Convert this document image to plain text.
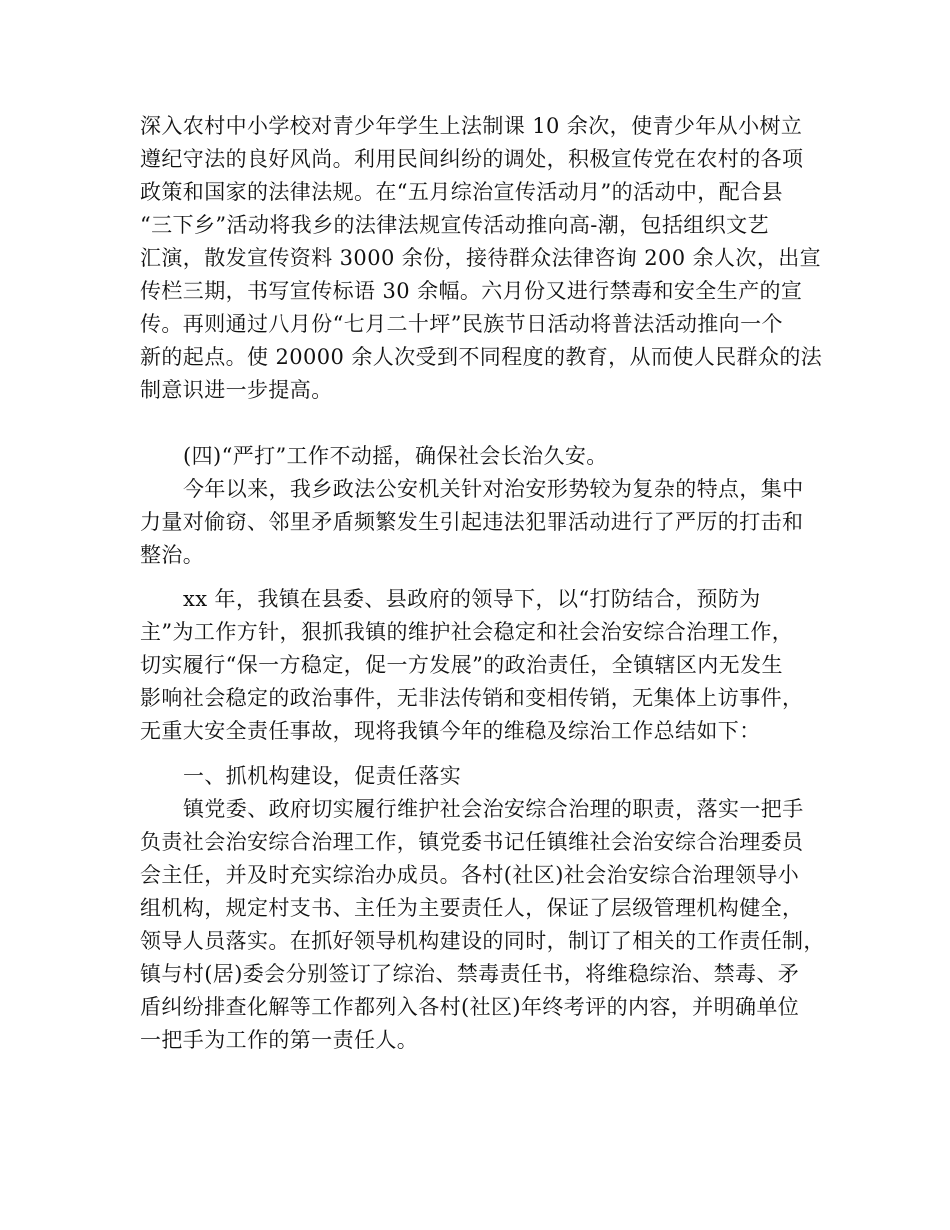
深入农村中小学校对青少年学生上法制课 10 余次，使青少年从小树立
遵纪守法的良好风尚。利用民间纠纷的调处，积极宣传党在农村的各项
政策和国家的法律法规。在“五月综治宣传活动月”的活动中，配合县
“三下乡”活动将我乡的法律法规宣传活动推向高-潮，包括组织文艺
汇演，散发宣传资料 3000 余份，接待群众法律咨询 200 余人次，出宣
传栏三期，书写宣传标语 30 余幅。六月份又进行禁毒和安全生产的宣
传。再则通过八月份“七月二十坪”民族节日活动将普法活动推向一个
新的起点。使 20000 余人次受到不同程度的教育，从而使人民群众的法
制意识进一步提高。
(四)“严打”工作不动摇，确保社会长治久安。
今年以来，我乡政法公安机关针对治安形势较为复杂的特点，集中
力量对偷窃、邻里矛盾频繁发生引起违法犯罪活动进行了严厉的打击和
整治。
xx 年，我镇在县委、县政府的领导下，以“打防结合，预防为
主”为工作方针，狠抓我镇的维护社会稳定和社会治安综合治理工作，
切实履行“保一方稳定，促一方发展”的政治责任，全镇辖区内无发生
影响社会稳定的政治事件，无非法传销和变相传销，无集体上访事件，
无重大安全责任事故，现将我镇今年的维稳及综治工作总结如下：
一、抓机构建设，促责任落实
镇党委、政府切实履行维护社会治安综合治理的职责，落实一把手
负责社会治安综合治理工作，镇党委书记任镇维社会治安综合治理委员
会主任，并及时充实综治办成员。各村(社区)社会治安综合治理领导小
组机构，规定村支书、主任为主要责任人，保证了层级管理机构健全，
领导人员落实。在抓好领导机构建设的同时，制订了相关的工作责任制，
镇与村(居)委会分别签订了综治、禁毒责任书，将维稳综治、禁毒、矛
盾纠纷排查化解等工作都列入各村(社区)年终考评的内容，并明确单位
一把手为工作的第一责任人。
